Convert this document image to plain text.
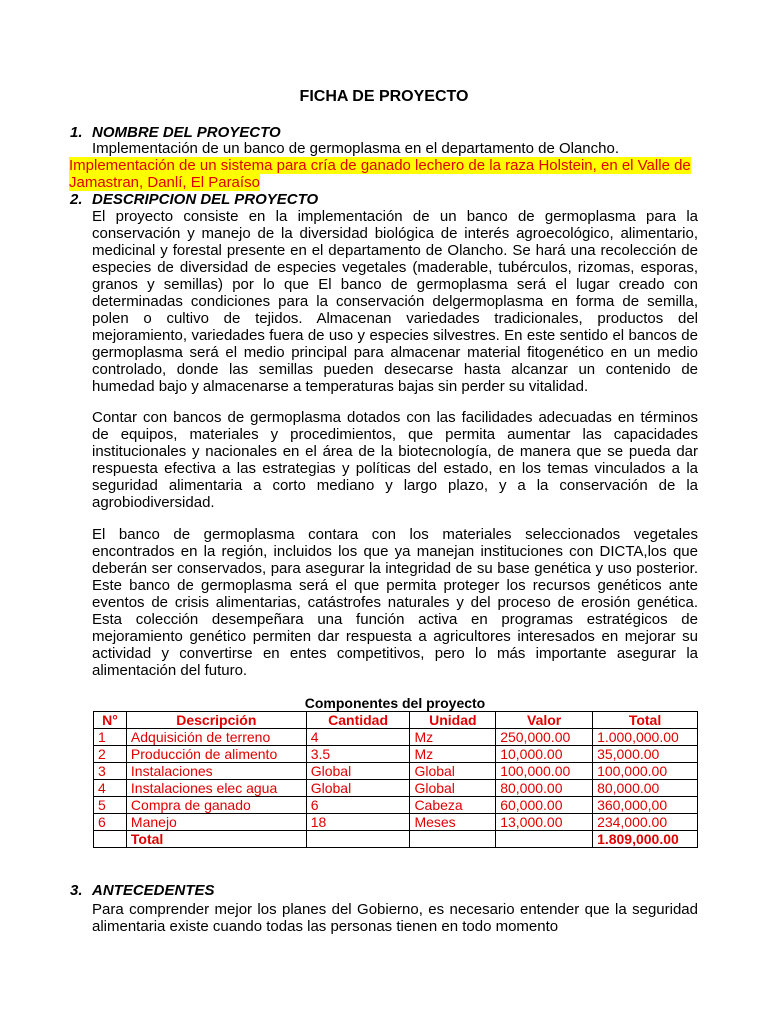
FICHA DE PROYECTO
1. NOMBRE DEL PROYECTO
Implementación de un banco de germoplasma en el departamento de Olancho.
Implementación de un sistema para cría de ganado lechero de la raza Holstein, en el Valle de Jamastran, Danlí, El Paraíso
2. DESCRIPCION DEL PROYECTO
El proyecto consiste en la implementación de un banco de germoplasma para la conservación y manejo de la diversidad biológica de interés agroecológico, alimentario, medicinal y forestal presente en el departamento de Olancho. Se hará una recolección de especies de diversidad de especies vegetales (maderable, tubérculos, rizomas, esporas, granos y semillas) por lo que El banco de germoplasma será el lugar creado con determinadas condiciones para la conservación delgermoplasma en forma de semilla, polen o cultivo de tejidos. Almacenan variedades tradicionales, productos del mejoramiento, variedades fuera de uso y especies silvestres. En este sentido el bancos de germoplasma será el medio principal para almacenar material fitogenético en un medio controlado, donde las semillas pueden desecarse hasta alcanzar un contenido de humedad bajo y almacenarse a temperaturas bajas sin perder su vitalidad.
Contar con bancos de germoplasma dotados con las facilidades adecuadas en términos de equipos, materiales y procedimientos, que permita aumentar las capacidades institucionales y nacionales en el área de la biotecnología, de manera que se pueda dar respuesta efectiva a las estrategias y políticas del estado, en los temas vinculados a la seguridad alimentaria a corto mediano y largo plazo, y a la conservación de la agrobiodiversidad.
El banco de germoplasma contara con los materiales seleccionados vegetales encontrados en la región, incluidos los que ya manejan instituciones con DICTA,los que deberán ser conservados, para asegurar la integridad de su base genética y uso posterior. Este banco de germoplasma será el que permita proteger los recursos genéticos ante eventos de crisis alimentarias, catástrofes naturales y del proceso de erosión genética. Esta colección desempeñara una función activa en programas estratégicos de mejoramiento genético permiten dar respuesta a agricultores interesados en mejorar su actividad y convertirse en entes competitivos, pero lo más importante asegurar la alimentación del futuro.
Componentes del proyecto
N°	Descripción	Cantidad	Unidad	Valor	Total
1	Adquisición de terreno	4	Mz	250,000.00	1.000,000.00
2	Producción de alimento	3.5	Mz	10,000.00	35,000.00
3	Instalaciones	Global	Global	100,000.00	100,000.00
4	Instalaciones elec agua	Global	Global	80,000.00	80,000.00
5	Compra de ganado	6	Cabeza	60,000.00	360,000,00
6	Manejo	18	Meses	13,000.00	234,000.00
	Total				1.809,000.00
3. ANTECEDENTES
Para comprender mejor los planes del Gobierno, es necesario entender que la seguridad alimentaria existe cuando todas las personas tienen en todo momento
